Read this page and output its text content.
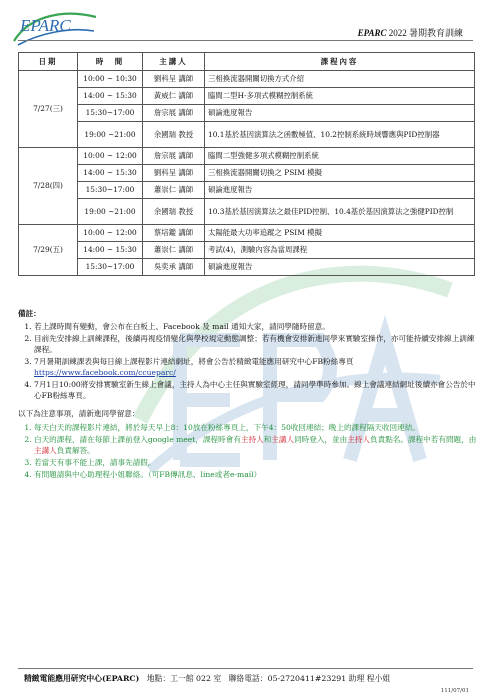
EPARC	EPARC 2022 暑期教育訓練
日期	時　間	主講人	課程內容
7/27(三)	10:00 ~ 10:30	劉科呈 講師	三相換流器開關切換方式介紹
	14:00 ~ 15:30	黃威仁 講師	臨間二型H-多項式模糊控制系統
	15:30~17:00	詹宗展 講師	碩論進度報告
	19:00 ~21:00	余國瑞 教授	10.1基於基因演算法之函數極值、10.2控制系統時域響應與PID控制器
7/28(四)	10:00 ~ 12:00	詹宗展 講師	臨間二型強健多項式模糊控制系統
	14:00 ~ 15:30	劉科呈 講師	三相換流器開關切換之 PSIM 模擬
	15:30~17:00	蕭崇仁 講師	碩論進度報告
	19:00 ~21:00	余國瑞 教授	10.3基於基因演算法之最佳PID控制、10.4基於基因演算法之強健PID控制
7/29(五)	10:00 ~ 12:00	蔡培鑑 講師	太陽能最大功率追蹤之 PSIM 模擬
	14:00 ~ 15:30	蕭崇仁 講師	考試(4)，測驗內容為當周課程
	15:30~17:00	吳奕承 講師	碩論進度報告
備註：
1. 若上課時間有變動，會公布在白板上、Facebook 及 mail 通知大家，請同學隨時留意。
2. 目前先安排線上訓練課程，後續再視疫情變化與學校規定動態調整；若有機會安排新進同學來實驗室操作，亦可能持續安排線上訓練課程。
3. 7月暑期訓練課表與每日線上課程影片連結網址，將會公告於精緻電能應用研究中心FB粉絲專頁
https://www.facebook.com/ccueparc/
4. 7月1日10:00將安排實驗室新生線上會議，主持人為中心主任與實驗室經理，請同學準時參加。線上會議連結網址後續亦會公告於中心FB粉絲專頁。
以下為注意事項，請新進同學留意：
1. 每天白天的課程影片連結，將於每天早上8：10放在粉絲專頁上，下午4：50收回連結；晚上的課程隔天收回連結。
2. 白天的課程，請在每節上課前登入google meet，課程時會有主持人和主講人同時登入，並由主持人負責點名。課程中若有問題，由主講人負責解答。
3. 若當天有事不能上課，請事先請假。
4. 有問題請與中心助理程小姐聯絡。（可FB傳訊息、line或者e-mail）
精緻電能應用研究中心(EPARC) 地點：工一館 022 室 聯絡電話：05-2720411#23291 助理 程小姐
111/07/01
